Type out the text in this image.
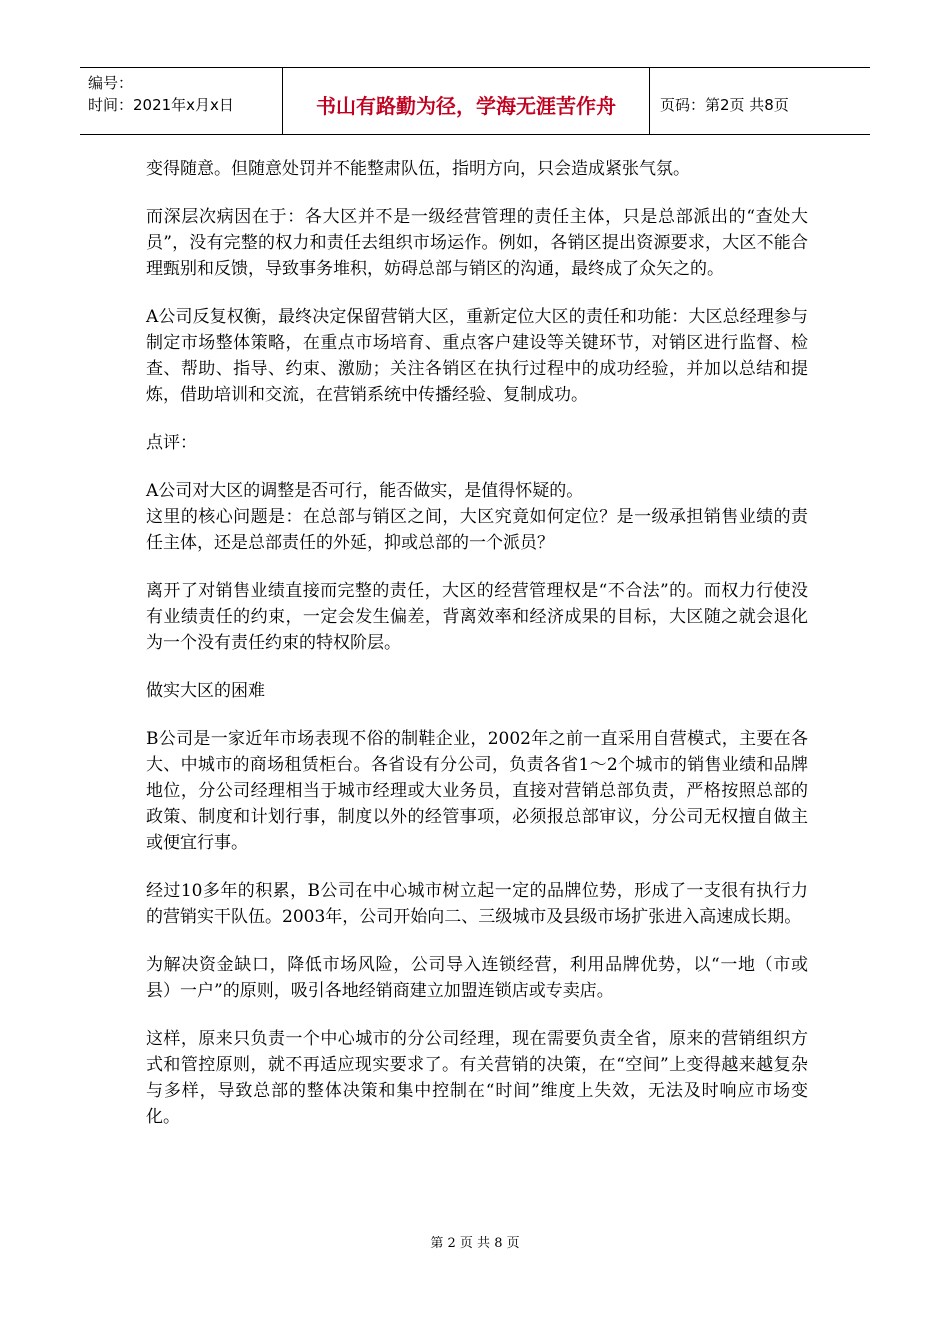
编号：
时间：2021年x月x日	书山有路勤为径，学海无涯苦作舟	页码：第2页 共8页

变得随意。但随意处罚并不能整肃队伍，指明方向，只会造成紧张气氛。

而深层次病因在于：各大区并不是一级经营管理的责任主体，只是总部派出的“查处大员”，没有完整的权力和责任去组织市场运作。例如，各销区提出资源要求，大区不能合理甄别和反馈，导致事务堆积，妨碍总部与销区的沟通，最终成了众矢之的。

A公司反复权衡，最终决定保留营销大区，重新定位大区的责任和功能：大区总经理参与制定市场整体策略，在重点市场培育、重点客户建设等关键环节，对销区进行监督、检查、帮助、指导、约束、激励；关注各销区在执行过程中的成功经验，并加以总结和提炼，借助培训和交流，在营销系统中传播经验、复制成功。

点评：

A公司对大区的调整是否可行，能否做实，是值得怀疑的。

这里的核心问题是：在总部与销区之间，大区究竟如何定位？是一级承担销售业绩的责任主体，还是总部责任的外延，抑或总部的一个派员？

离开了对销售业绩直接而完整的责任，大区的经营管理权是“不合法”的。而权力行使没有业绩责任的约束，一定会发生偏差，背离效率和经济成果的目标，大区随之就会退化为一个没有责任约束的特权阶层。

做实大区的困难

B公司是一家近年市场表现不俗的制鞋企业，2002年之前一直采用自营模式，主要在各大、中城市的商场租赁柜台。各省设有分公司，负责各省1～2个城市的销售业绩和品牌地位，分公司经理相当于城市经理或大业务员，直接对营销总部负责，严格按照总部的政策、制度和计划行事，制度以外的经管事项，必须报总部审议，分公司无权擅自做主或便宜行事。

经过10多年的积累，B公司在中心城市树立起一定的品牌位势，形成了一支很有执行力的营销实干队伍。2003年，公司开始向二、三级城市及县级市场扩张进入高速成长期。

为解决资金缺口，降低市场风险，公司导入连锁经营，利用品牌优势，以“一地（市或县）一户”的原则，吸引各地经销商建立加盟连锁店或专卖店。

这样，原来只负责一个中心城市的分公司经理，现在需要负责全省，原来的营销组织方式和管控原则，就不再适应现实要求了。有关营销的决策，在“空间”上变得越来越复杂与多样，导致总部的整体决策和集中控制在“时间”维度上失效，无法及时响应市场变化。

第 2 页 共 8 页
